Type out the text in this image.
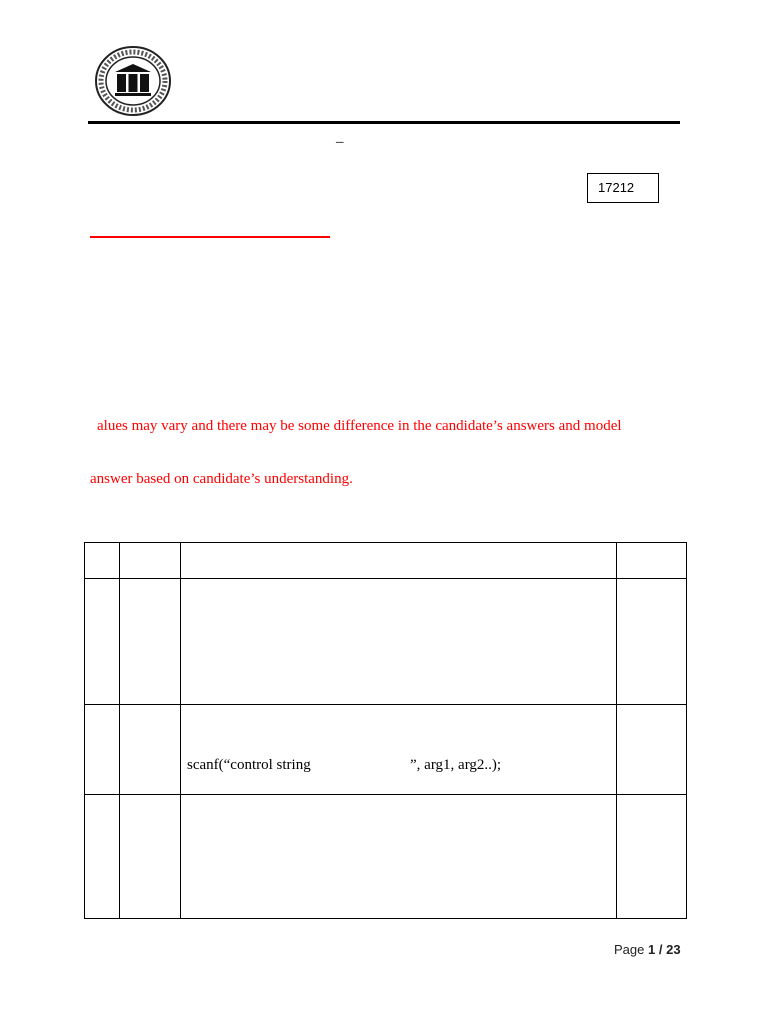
–
17212
alues may vary and there may be some difference in the candidate’s answers and model
answer based on candidate’s understanding.

		scanf(“control string ”, arg1, arg2..);	

Page 1 / 23
